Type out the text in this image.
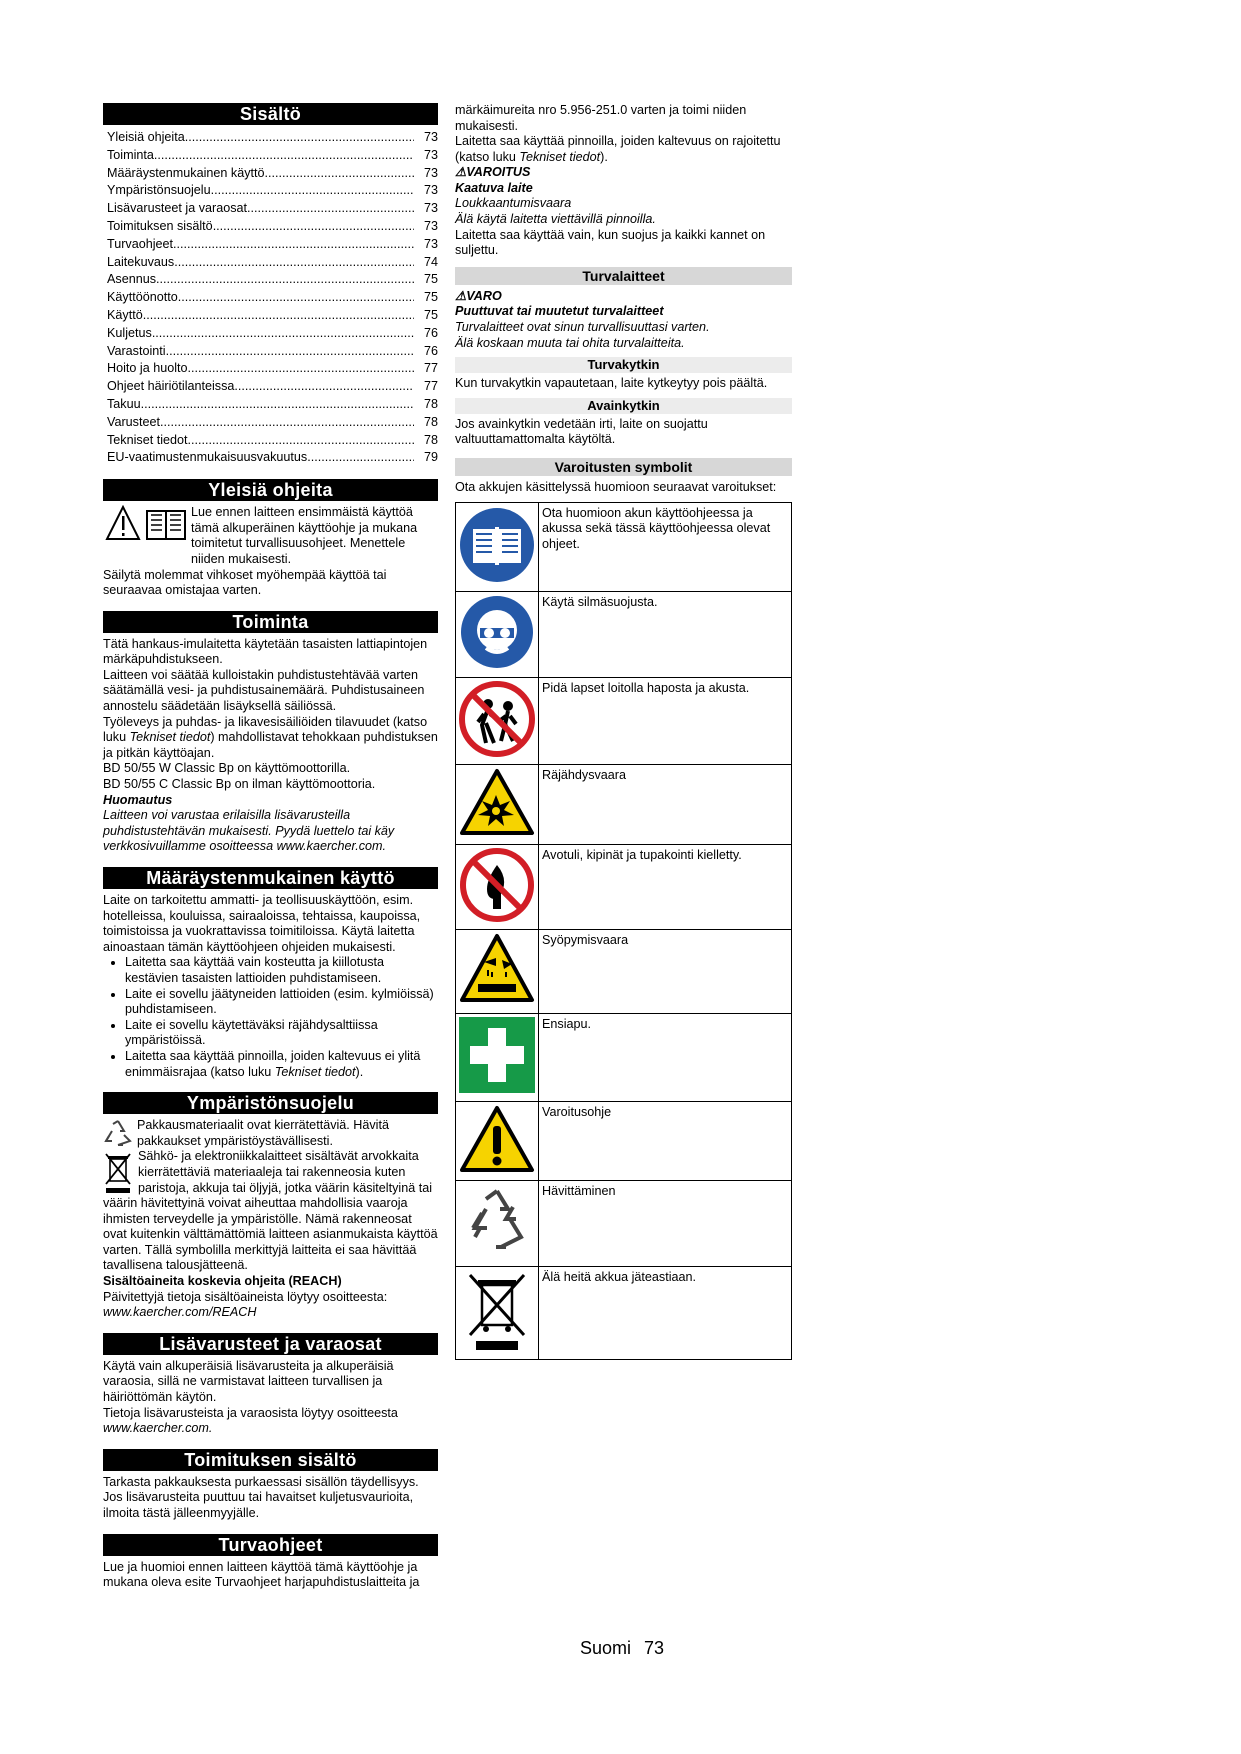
Sisältö
Yleisiä ohjeita .....	73
Toiminta .....	73
Määräystenmukainen käyttö .....	73
Ympäristönsuojelu .....	73
Lisävarusteet ja varaosat .....	73
Toimituksen sisältö .....	73
Turvaohjeet .....	73
Laitekuvaus .....	74
Asennus .....	75
Käyttöönotto .....	75
Käyttö .....	75
Kuljetus .....	76
Varastointi .....	76
Hoito ja huolto .....	77
Ohjeet häiriötilanteissa .....	77
Takuu .....	78
Varusteet .....	78
Tekniset tiedot .....	78
EU-vaatimustenmukaisuusvakuutus .....	79
Yleisiä ohjeita

Lue ennen laitteen ensimmäistä käyttöä tämä alkuperäinen käyttöohje ja mukana toimitetut turvallisuusohjeet. Menettele niiden mukaisesti.

Säilytä molemmat vihkoset myöhempää käyttöä tai seuraavaa omistajaa varten.

Toiminta

Tätä hankaus-imulaitetta käytetään tasaisten lattiapintojen märkäpuhdistukseen.

Laitteen voi säätää kulloistakin puhdistustehtävää varten säätämällä vesi- ja puhdistusainemäärä. Puhdistusaineen annostelu säädetään lisäyksellä säiliössä.

Työleveys ja puhdas- ja likavesisäiliöiden tilavuudet (katso luku Tekniset tiedot) mahdollistavat tehokkaan puhdistuksen ja pitkän käyttöajan.

BD 50/55 W Classic Bp on käyttömoottorilla.

BD 50/55 C Classic Bp on ilman käyttömoottoria.

Huomautus

Laitteen voi varustaa erilaisilla lisävarusteilla puhdistustehtävän mukaisesti. Pyydä luettelo tai käy verkkosivuillamme osoitteessa www.kaercher.com.

Määräystenmukainen käyttö

Laite on tarkoitettu ammatti- ja teollisuuskäyttöön, esim. hotelleissa, kouluissa, sairaaloissa, tehtaissa, kaupoissa, toimistoissa ja vuokrattavissa toimitiloissa. Käytä laitetta ainoastaan tämän käyttöohjeen ohjeiden mukaisesti.

• Laitetta saa käyttää vain kosteutta ja kiillotusta kestävien tasaisten lattioiden puhdistamiseen.
• Laite ei sovellu jäätyneiden lattioiden (esim. kylmiöissä) puhdistamiseen.
• Laite ei sovellu käytettäväksi räjähdysalttiissa ympäristöissä.
• Laitetta saa käyttää pinnoilla, joiden kaltevuus ei ylitä enimmäisrajaa (katso luku Tekniset tiedot).
Ympäristönsuojelu

Pakkausmateriaalit ovat kierrätettäviä. Hävitä pakkaukset ympäristöystävällisesti.

Sähkö- ja elektroniikkalaitteet sisältävät arvokkaita kierrätettäviä materiaaleja tai rakenneosia kuten paristoja, akkuja tai öljyjä, jotka väärin käsiteltyinä tai väärin hävitettyinä voivat aiheuttaa mahdollisia vaaroja ihmisten terveydelle ja ympäristölle. Nämä rakenneosat ovat kuitenkin välttämättömiä laitteen asianmukaista käyttöä varten. Tällä symbolilla merkittyjä laitteita ei saa hävittää tavallisena talousjätteenä.

Sisältöaineita koskevia ohjeita (REACH)

Päivitettyjä tietoja sisältöaineista löytyy osoitteesta:

www.kaercher.com/REACH

Lisävarusteet ja varaosat

Käytä vain alkuperäisiä lisävarusteita ja alkuperäisiä varaosia, sillä ne varmistavat laitteen turvallisen ja häiriöttömän käytön.

Tietoja lisävarusteista ja varaosista löytyy osoitteesta

www.kaercher.com.

Toimituksen sisältö

Tarkasta pakkauksesta purkaessasi sisällön täydellisyys. Jos lisävarusteita puuttuu tai havaitset kuljetusvaurioita, ilmoita tästä jälleenmyyjälle.

Turvaohjeet

Lue ja huomioi ennen laitteen käyttöä tämä käyttöohje ja mukana oleva esite Turvaohjeet harjapuhdistuslaitteita ja

märkäimureita nro 5.956-251.0 varten ja toimi niiden mukaisesti.

Laitetta saa käyttää pinnoilla, joiden kaltevuus on rajoitettu (katso luku Tekniset tiedot).

⚠VAROITUS

Kaatuva laite

Loukkaantumisvaara

Älä käytä laitetta viettävillä pinnoilla.

Laitetta saa käyttää vain, kun suojus ja kaikki kannet on suljettu.

Turvalaitteet

⚠VARO

Puuttuvat tai muutetut turvalaitteet

Turvalaitteet ovat sinun turvallisuuttasi varten.

Älä koskaan muuta tai ohita turvalaitteita.

Turvakytkin

Kun turvakytkin vapautetaan, laite kytkeytyy pois päältä.

Avainkytkin

Jos avainkytkin vedetään irti, laite on suojattu valtuuttamattomalta käytöltä.

Varoitusten symbolit

Ota akkujen käsittelyssä huomioon seuraavat varoitukset:

	Ota huomioon akun käyttöohjeessa ja akussa sekä tässä käyttöohjeessa olevat ohjeet.
	Käytä silmäsuojusta.
	Pidä lapset loitolla haposta ja akusta.
	Räjähdysvaara
	Avotuli, kipinät ja tupakointi kielletty.
	Syöpymisvaara
	Ensiapu.
	Varoitusohje
	Hävittäminen
	Älä heitä akkua jäteastiaan.
Suomi 73
